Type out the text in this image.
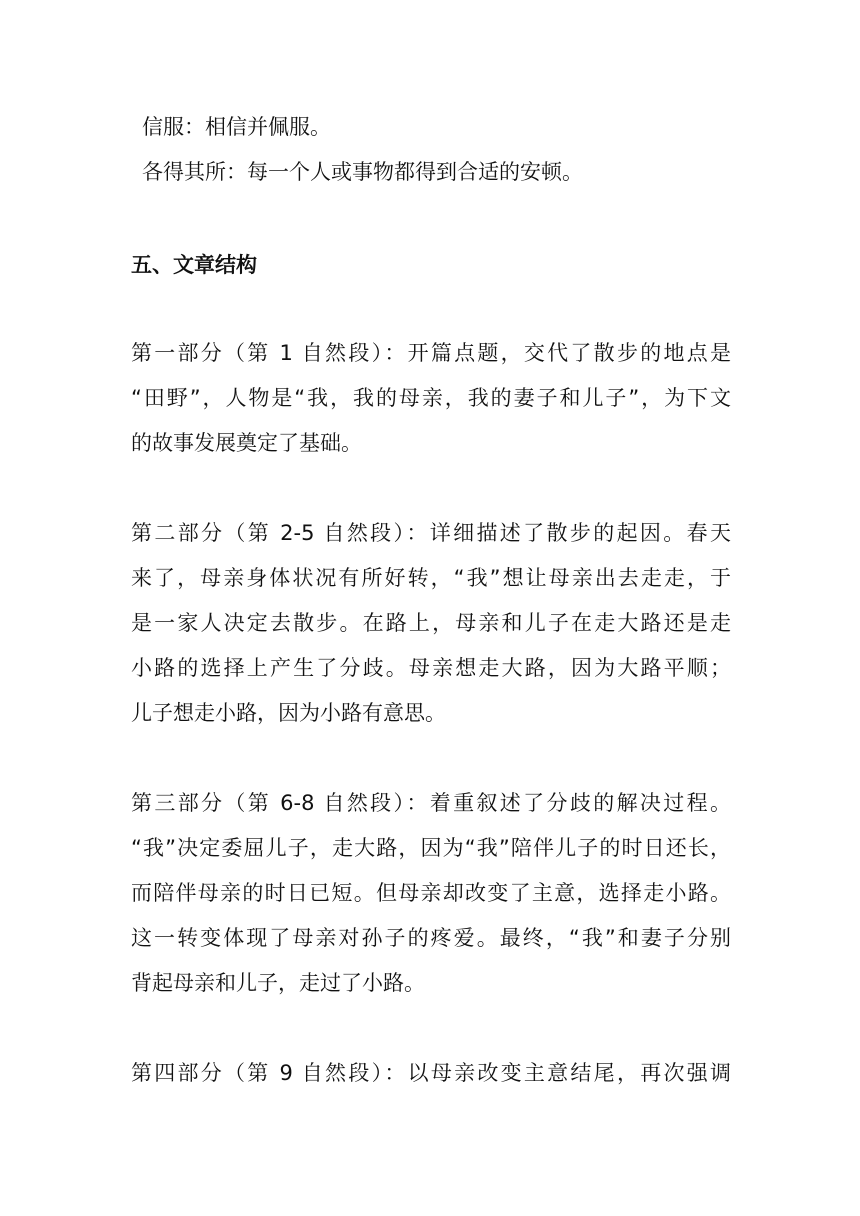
信服：相信并佩服。
各得其所：每一个人或事物都得到合适的安顿。
五、文章结构
第一部分（第 1 自然段）：开篇点题，交代了散步的地点是
“田野”，人物是“我，我的母亲，我的妻子和儿子”，为下文
的故事发展奠定了基础。
第二部分（第 2-5 自然段）：详细描述了散步的起因。春天
来了，母亲身体状况有所好转，“我”想让母亲出去走走，于
是一家人决定去散步。在路上，母亲和儿子在走大路还是走
小路的选择上产生了分歧。母亲想走大路，因为大路平顺；
儿子想走小路，因为小路有意思。
第三部分（第 6-8 自然段）：着重叙述了分歧的解决过程。
“我”决定委屈儿子，走大路，因为“我”陪伴儿子的时日还长，
而陪伴母亲的时日已短。但母亲却改变了主意，选择走小路。
这一转变体现了母亲对孙子的疼爱。最终，“我”和妻子分别
背起母亲和儿子，走过了小路。
第四部分（第 9 自然段）：以母亲改变主意结尾，再次强调
